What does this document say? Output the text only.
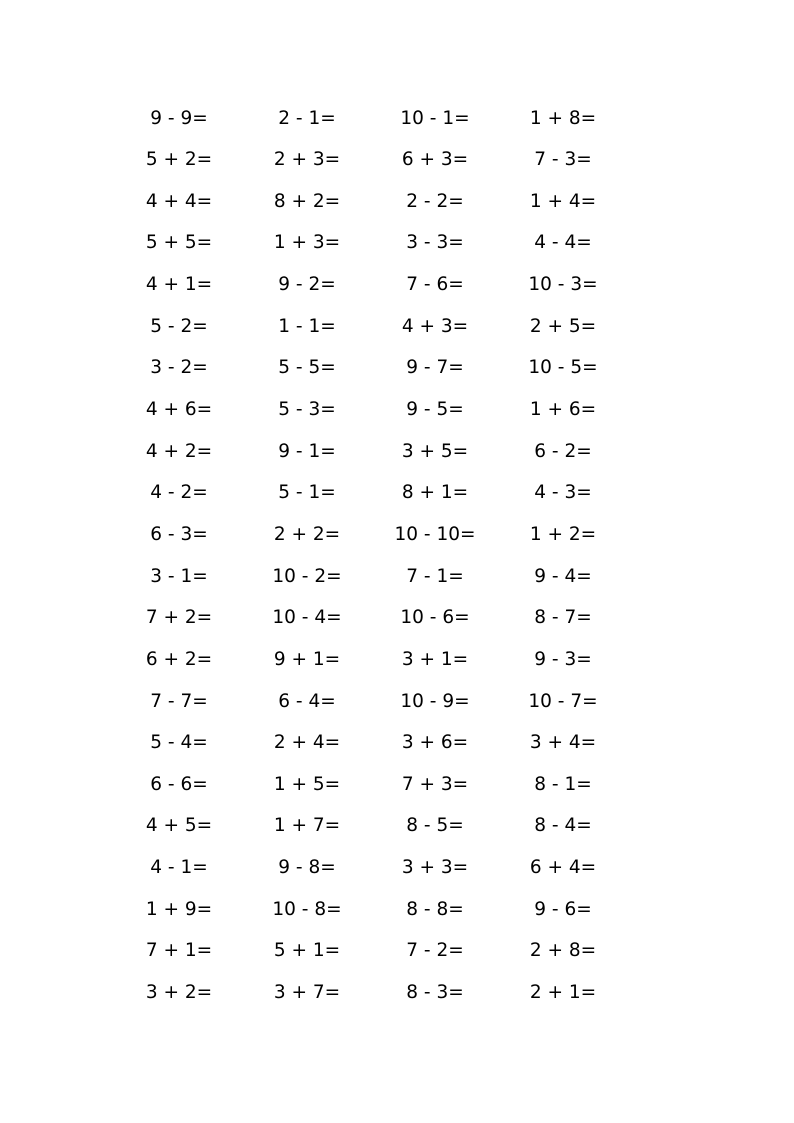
9 - 9=	2 - 1=	10 - 1=	1 + 8=
5 + 2=	2 + 3=	6 + 3=	7 - 3=
4 + 4=	8 + 2=	2 - 2=	1 + 4=
5 + 5=	1 + 3=	3 - 3=	4 - 4=
4 + 1=	9 - 2=	7 - 6=	10 - 3=
5 - 2=	1 - 1=	4 + 3=	2 + 5=
3 - 2=	5 - 5=	9 - 7=	10 - 5=
4 + 6=	5 - 3=	9 - 5=	1 + 6=
4 + 2=	9 - 1=	3 + 5=	6 - 2=
4 - 2=	5 - 1=	8 + 1=	4 - 3=
6 - 3=	2 + 2=	10 - 10=	1 + 2=
3 - 1=	10 - 2=	7 - 1=	9 - 4=
7 + 2=	10 - 4=	10 - 6=	8 - 7=
6 + 2=	9 + 1=	3 + 1=	9 - 3=
7 - 7=	6 - 4=	10 - 9=	10 - 7=
5 - 4=	2 + 4=	3 + 6=	3 + 4=
6 - 6=	1 + 5=	7 + 3=	8 - 1=
4 + 5=	1 + 7=	8 - 5=	8 - 4=
4 - 1=	9 - 8=	3 + 3=	6 + 4=
1 + 9=	10 - 8=	8 - 8=	9 - 6=
7 + 1=	5 + 1=	7 - 2=	2 + 8=
3 + 2=	3 + 7=	8 - 3=	2 + 1=
